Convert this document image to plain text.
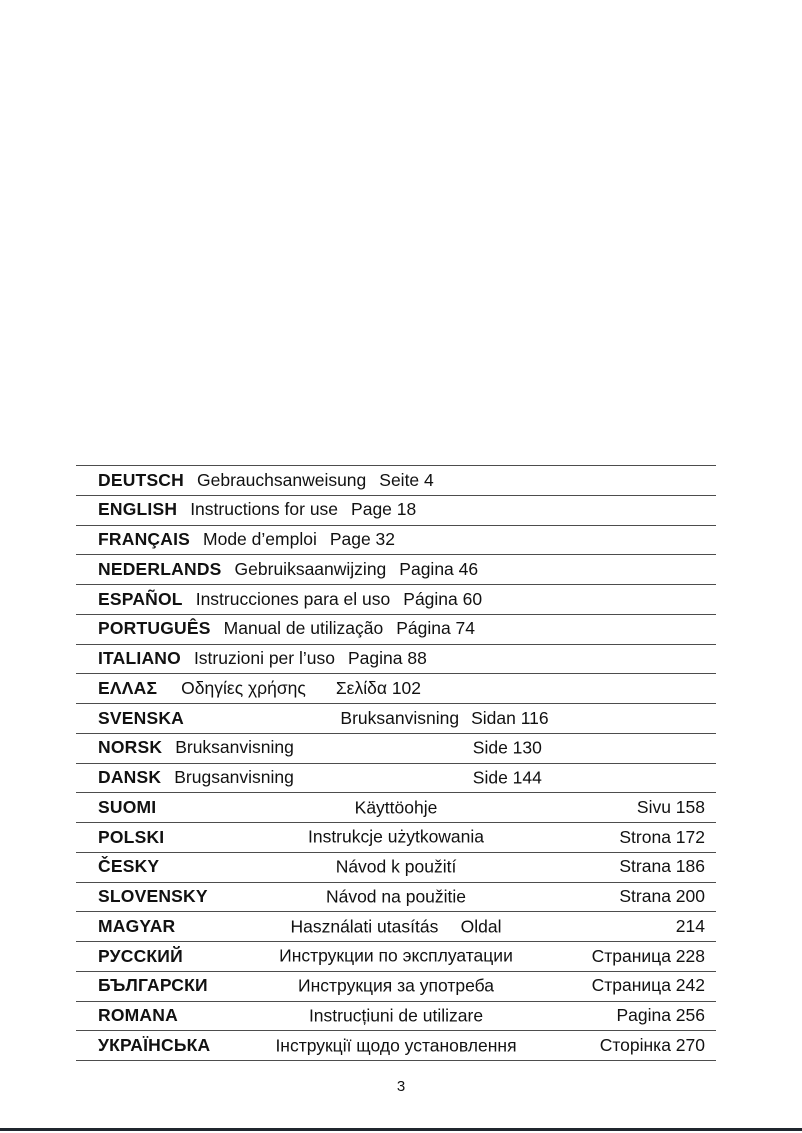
DEUTSCH Gebrauchsanweisung Seite 4
ENGLISH Instructions for use Page 18
FRANÇAIS Mode d’emploi Page 32
NEDERLANDS Gebruiksaanwijzing Pagina 46
ESPAÑOL Instrucciones para el uso Página 60
PORTUGUÊS Manual de utilização Página 74
ITALIANO Istruzioni per l’uso Pagina 88
ΕΛΛΑΣ Οδηγίες χρήσης Σελίδα 102
SVENSKA	Bruksanvisning Sidan 116
NORSK Bruksanvisning	Side 130
DANSK Brugsanvisning	Side 144
SUOMI	Käyttöohje	Sivu 158
POLSKI	Instrukcje użytkowania	Strona 172
ČESKY	Návod k použití	Strana 186
SLOVENSKY	Návod na použitie	Strana 200
MAGYAR	Használati utasítás  Oldal	214
РУССКИЙ	Инструкции по эксплуатации	Страница 228
БЪЛГАРСКИ	Инструкция за употреба	Страница 242
ROMANA	Instrucțiuni de utilizare	Pagina 256
УКРАЇНСЬКА	Інструкції щодо установлення	Сторінка 270
3
